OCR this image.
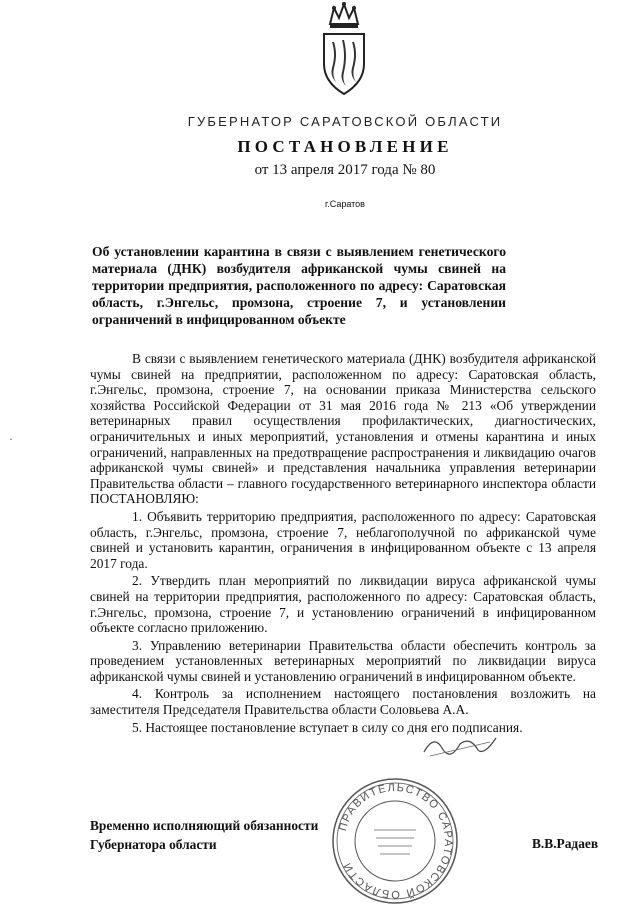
ГУБЕРНАТОР САРАТОВСКОЙ ОБЛАСТИ
ПОСТАНОВЛЕНИЕ
от 13 апреля 2017 года № 80
г.Саратов
Об установлении карантина в связи с выявлением генетического материала (ДНК) возбудителя африканской чумы свиней на территории предприятия, расположенного по адресу: Саратовская область, г.Энгельс, промзона, строение 7, и установлении ограничений в инфицированном объекте
·

В связи с выявлением генетического материала (ДНК) возбудителя африканской чумы свиней на предприятии, расположенном по адресу: Саратовская область, г.Энгельс, промзона, строение 7, на основании приказа Министерства сельского хозяйства Российской Федерации от 31 мая 2016 года № 213 «Об утверждении ветеринарных правил осуществления профилактических, диагностических, ограничительных и иных мероприятий, установления и отмены карантина и иных ограничений, направленных на предотвращение распространения и ликвидацию очагов африканской чумы свиней» и представления начальника управления ветеринарии Правительства области – главного государственного ветеринарного инспектора области ПОСТАНОВЛЯЮ:

1. Объявить территорию предприятия, расположенного по адресу: Саратовская область, г.Энгельс, промзона, строение 7, неблагополучной по африканской чуме свиней и установить карантин, ограничения в инфицированном объекте с 13 апреля 2017 года.

2. Утвердить план мероприятий по ликвидации вируса африканской чумы свиней на территории предприятия, расположенного по адресу: Саратовская область, г.Энгельс, промзона, строение 7, и установлению ограничений в инфицированном объекте согласно приложению.

3. Управлению ветеринарии Правительства области обеспечить контроль за проведением установленных ветеринарных мероприятий по ликвидации вируса африканской чумы свиней и установлению ограничений в инфицированном объекте.

4. Контроль за исполнением настоящего постановления возложить на заместителя Председателя Правительства области Соловьева А.А.

5. Настоящее постановление вступает в силу со дня его подписания.

ПРАВИТЕЛЬСТВО САРАТОВСКОЙ ОБЛАСТИ
Временно исполняющий обязанности
Губернатора области	В.В.Радаев
